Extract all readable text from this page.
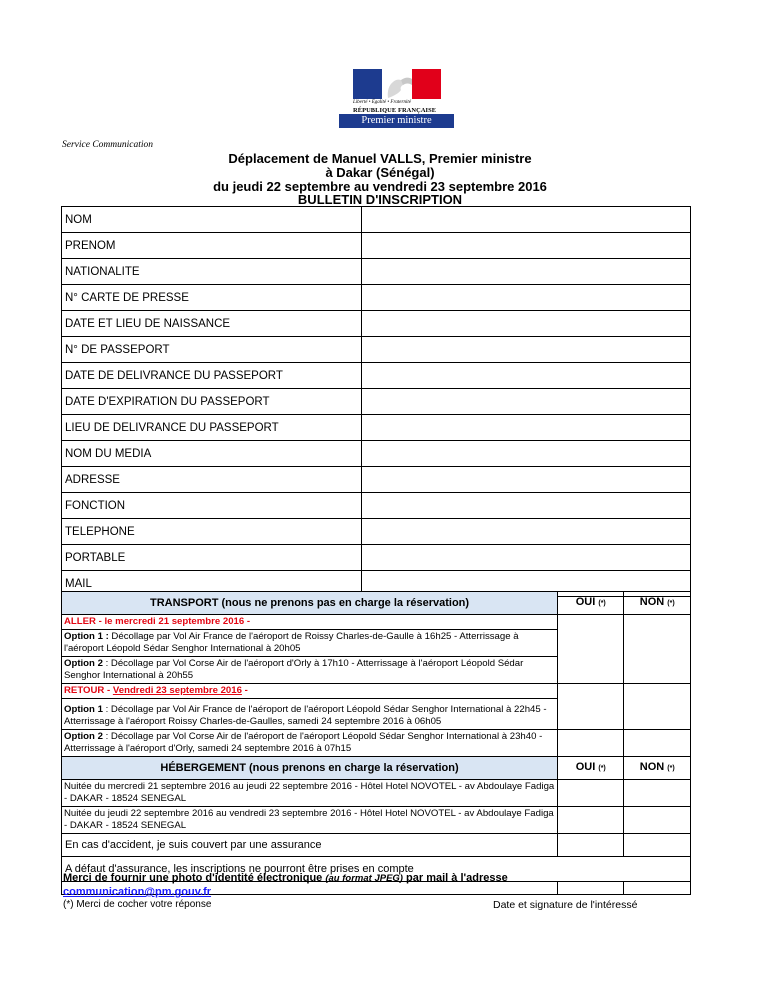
Liberté • Égalité • Fraternité
RÉPUBLIQUE FRANÇAISE
Premier ministre
Service Communication
Déplacement de Manuel VALLS, Premier ministre
à Dakar (Sénégal)
du jeudi 22 septembre au vendredi 23 septembre 2016
BULLETIN D'INSCRIPTION
NOM	
PRENOM	
NATIONALITE	
N° CARTE DE PRESSE	
DATE ET LIEU DE NAISSANCE	
N° DE PASSEPORT	
DATE DE DELIVRANCE DU PASSEPORT	
DATE D'EXPIRATION DU PASSEPORT	
LIEU DE DELIVRANCE DU PASSEPORT	
NOM DU MEDIA	
ADRESSE	
FONCTION	
TELEPHONE	
PORTABLE	
MAIL	
TRANSPORT (nous ne prenons pas en charge la réservation)	OUI (*)	NON (*)
ALLER - le mercredi 21 septembre 2016 -		
Option 1 : Décollage par Vol Air France de l'aéroport de Roissy Charles-de-Gaulle à 16h25 - Atterrissage à l'aéroport Léopold Sédar Senghor International à 20h05		
Option 2 : Décollage par Vol Corse Air de l'aéroport d'Orly à 17h10 - Atterrissage à l'aéroport Léopold Sédar Senghor International à 20h55		
RETOUR - Vendredi 23 septembre 2016 -		
Option 1 : Décollage par Vol Air France de l'aéroport de l'aéroport Léopold Sédar Senghor International à 22h45 - Atterrissage à l'aéroport Roissy Charles-de-Gaulles, samedi 24 septembre 2016 à 06h05		
Option 2 : Décollage par Vol Corse Air de l'aéroport de l'aéroport Léopold Sédar Senghor International à 23h40 - Atterrissage à l'aéroport d'Orly, samedi 24 septembre 2016 à 07h15		
HÉBERGEMENT (nous prenons en charge la réservation)	OUI (*)	NON (*)
Nuitée du mercredi 21 septembre 2016 au jeudi 22 septembre 2016 - Hôtel Hotel NOVOTEL - av Abdoulaye Fadiga - DAKAR - 18524 SENEGAL		
Nuitée du jeudi 22 septembre 2016 au vendredi 23 septembre 2016 - Hôtel Hotel NOVOTEL - av Abdoulaye Fadiga - DAKAR - 18524 SENEGAL		
En cas d'accident, je suis couvert par une assurance		
A défaut d'assurance, les inscriptions ne pourront être prises en compte		

Merci de fournir une photo d'identité électronique (au format JPEG) par mail à l'adresse
communication@pm.gouv.fr
(*) Merci de cocher votre réponse	Date et signature de l'intéressé
